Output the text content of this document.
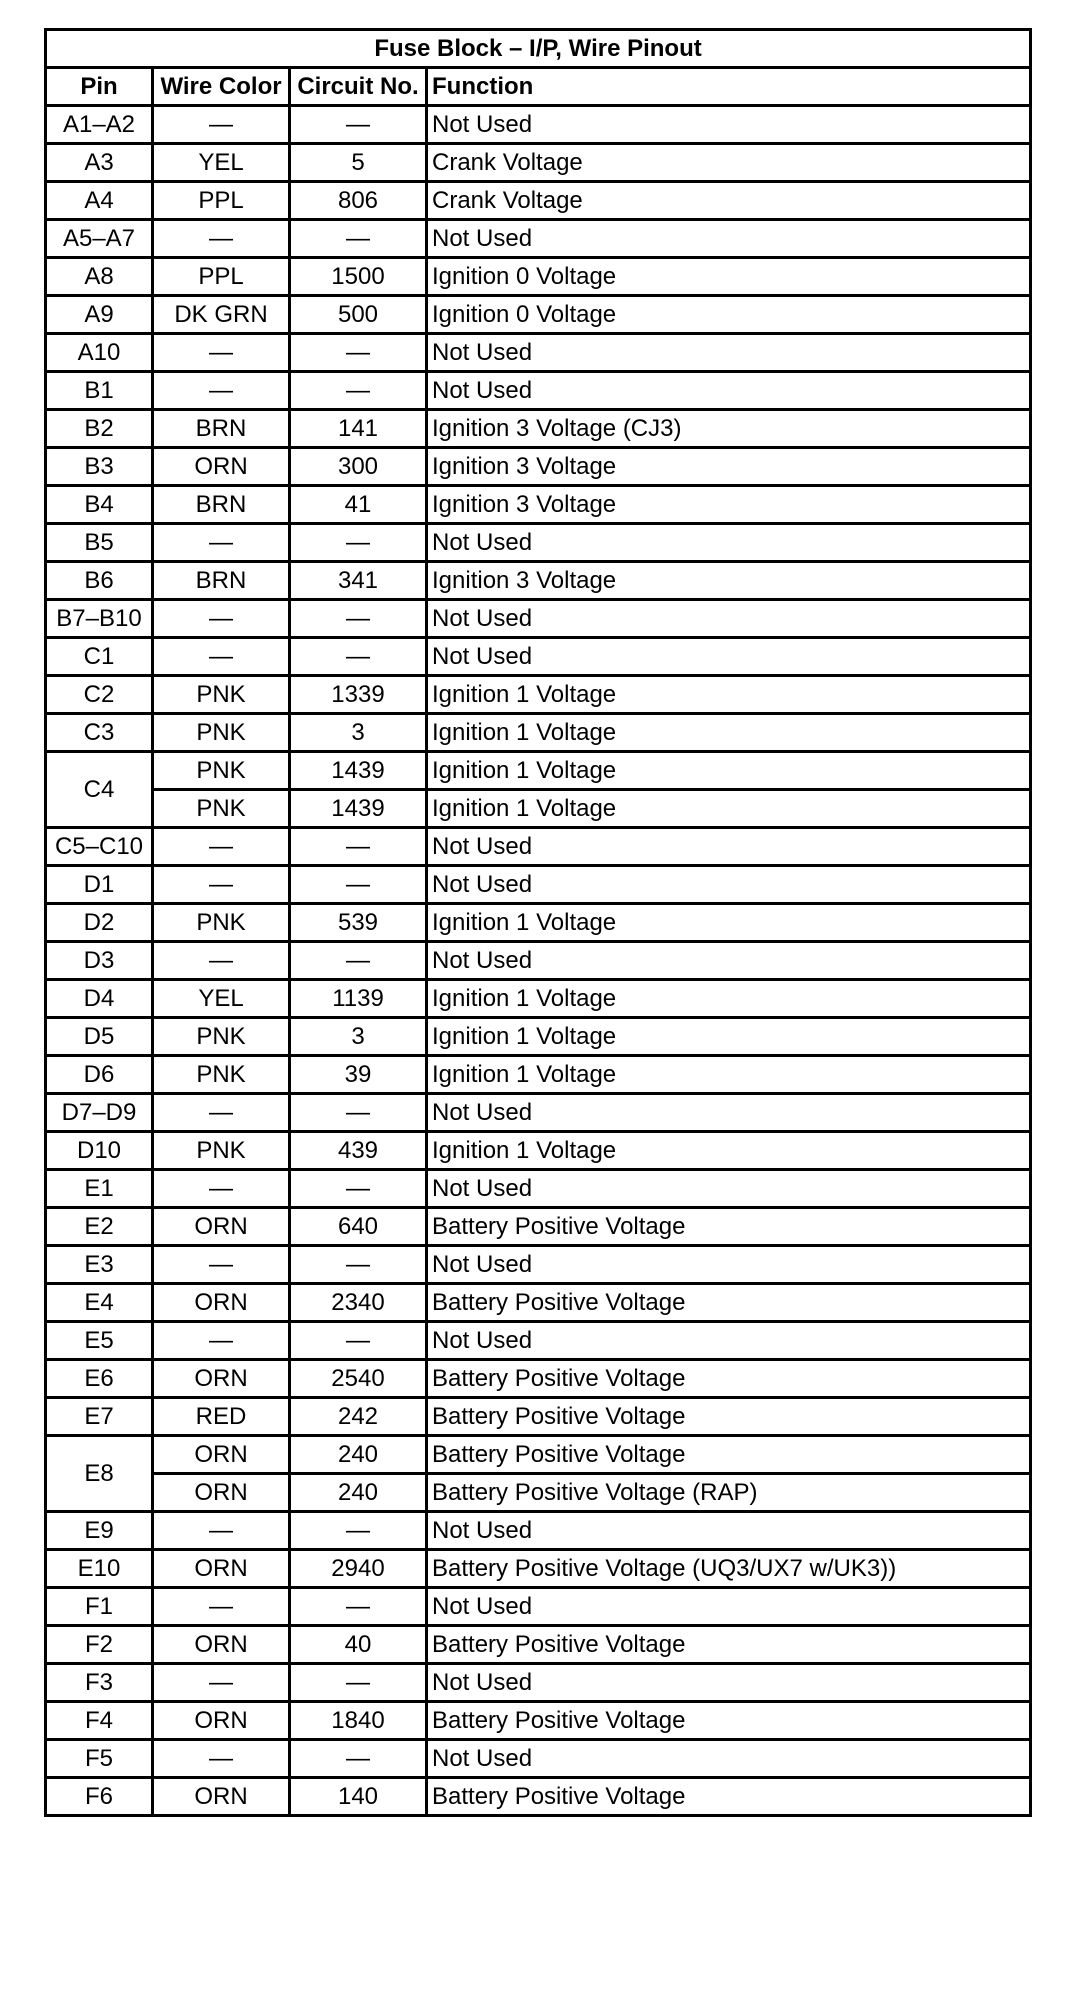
Fuse Block – I/P, Wire Pinout			
Pin	Wire Color	Circuit No.	Function
A1–A2	—	—	Not Used
A3	YEL	5	Crank Voltage
A4	PPL	806	Crank Voltage
A5–A7	—	—	Not Used
A8	PPL	1500	Ignition 0 Voltage
A9	DK GRN	500	Ignition 0 Voltage
A10	—	—	Not Used
B1	—	—	Not Used
B2	BRN	141	Ignition 3 Voltage (CJ3)
B3	ORN	300	Ignition 3 Voltage
B4	BRN	41	Ignition 3 Voltage
B5	—	—	Not Used
B6	BRN	341	Ignition 3 Voltage
B7–B10	—	—	Not Used
C1	—	—	Not Used
C2	PNK	1339	Ignition 1 Voltage
C3	PNK	3	Ignition 1 Voltage
C4	PNK	1439	Ignition 1 Voltage
	PNK	1439	Ignition 1 Voltage
C5–C10	—	—	Not Used
D1	—	—	Not Used
D2	PNK	539	Ignition 1 Voltage
D3	—	—	Not Used
D4	YEL	1139	Ignition 1 Voltage
D5	PNK	3	Ignition 1 Voltage
D6	PNK	39	Ignition 1 Voltage
D7–D9	—	—	Not Used
D10	PNK	439	Ignition 1 Voltage
E1	—	—	Not Used
E2	ORN	640	Battery Positive Voltage
E3	—	—	Not Used
E4	ORN	2340	Battery Positive Voltage
E5	—	—	Not Used
E6	ORN	2540	Battery Positive Voltage
E7	RED	242	Battery Positive Voltage
E8	ORN	240	Battery Positive Voltage
	ORN	240	Battery Positive Voltage (RAP)
E9	—	—	Not Used
E10	ORN	2940	Battery Positive Voltage (UQ3/UX7 w/UK3))
F1	—	—	Not Used
F2	ORN	40	Battery Positive Voltage
F3	—	—	Not Used
F4	ORN	1840	Battery Positive Voltage
F5	—	—	Not Used
F6	ORN	140	Battery Positive Voltage
